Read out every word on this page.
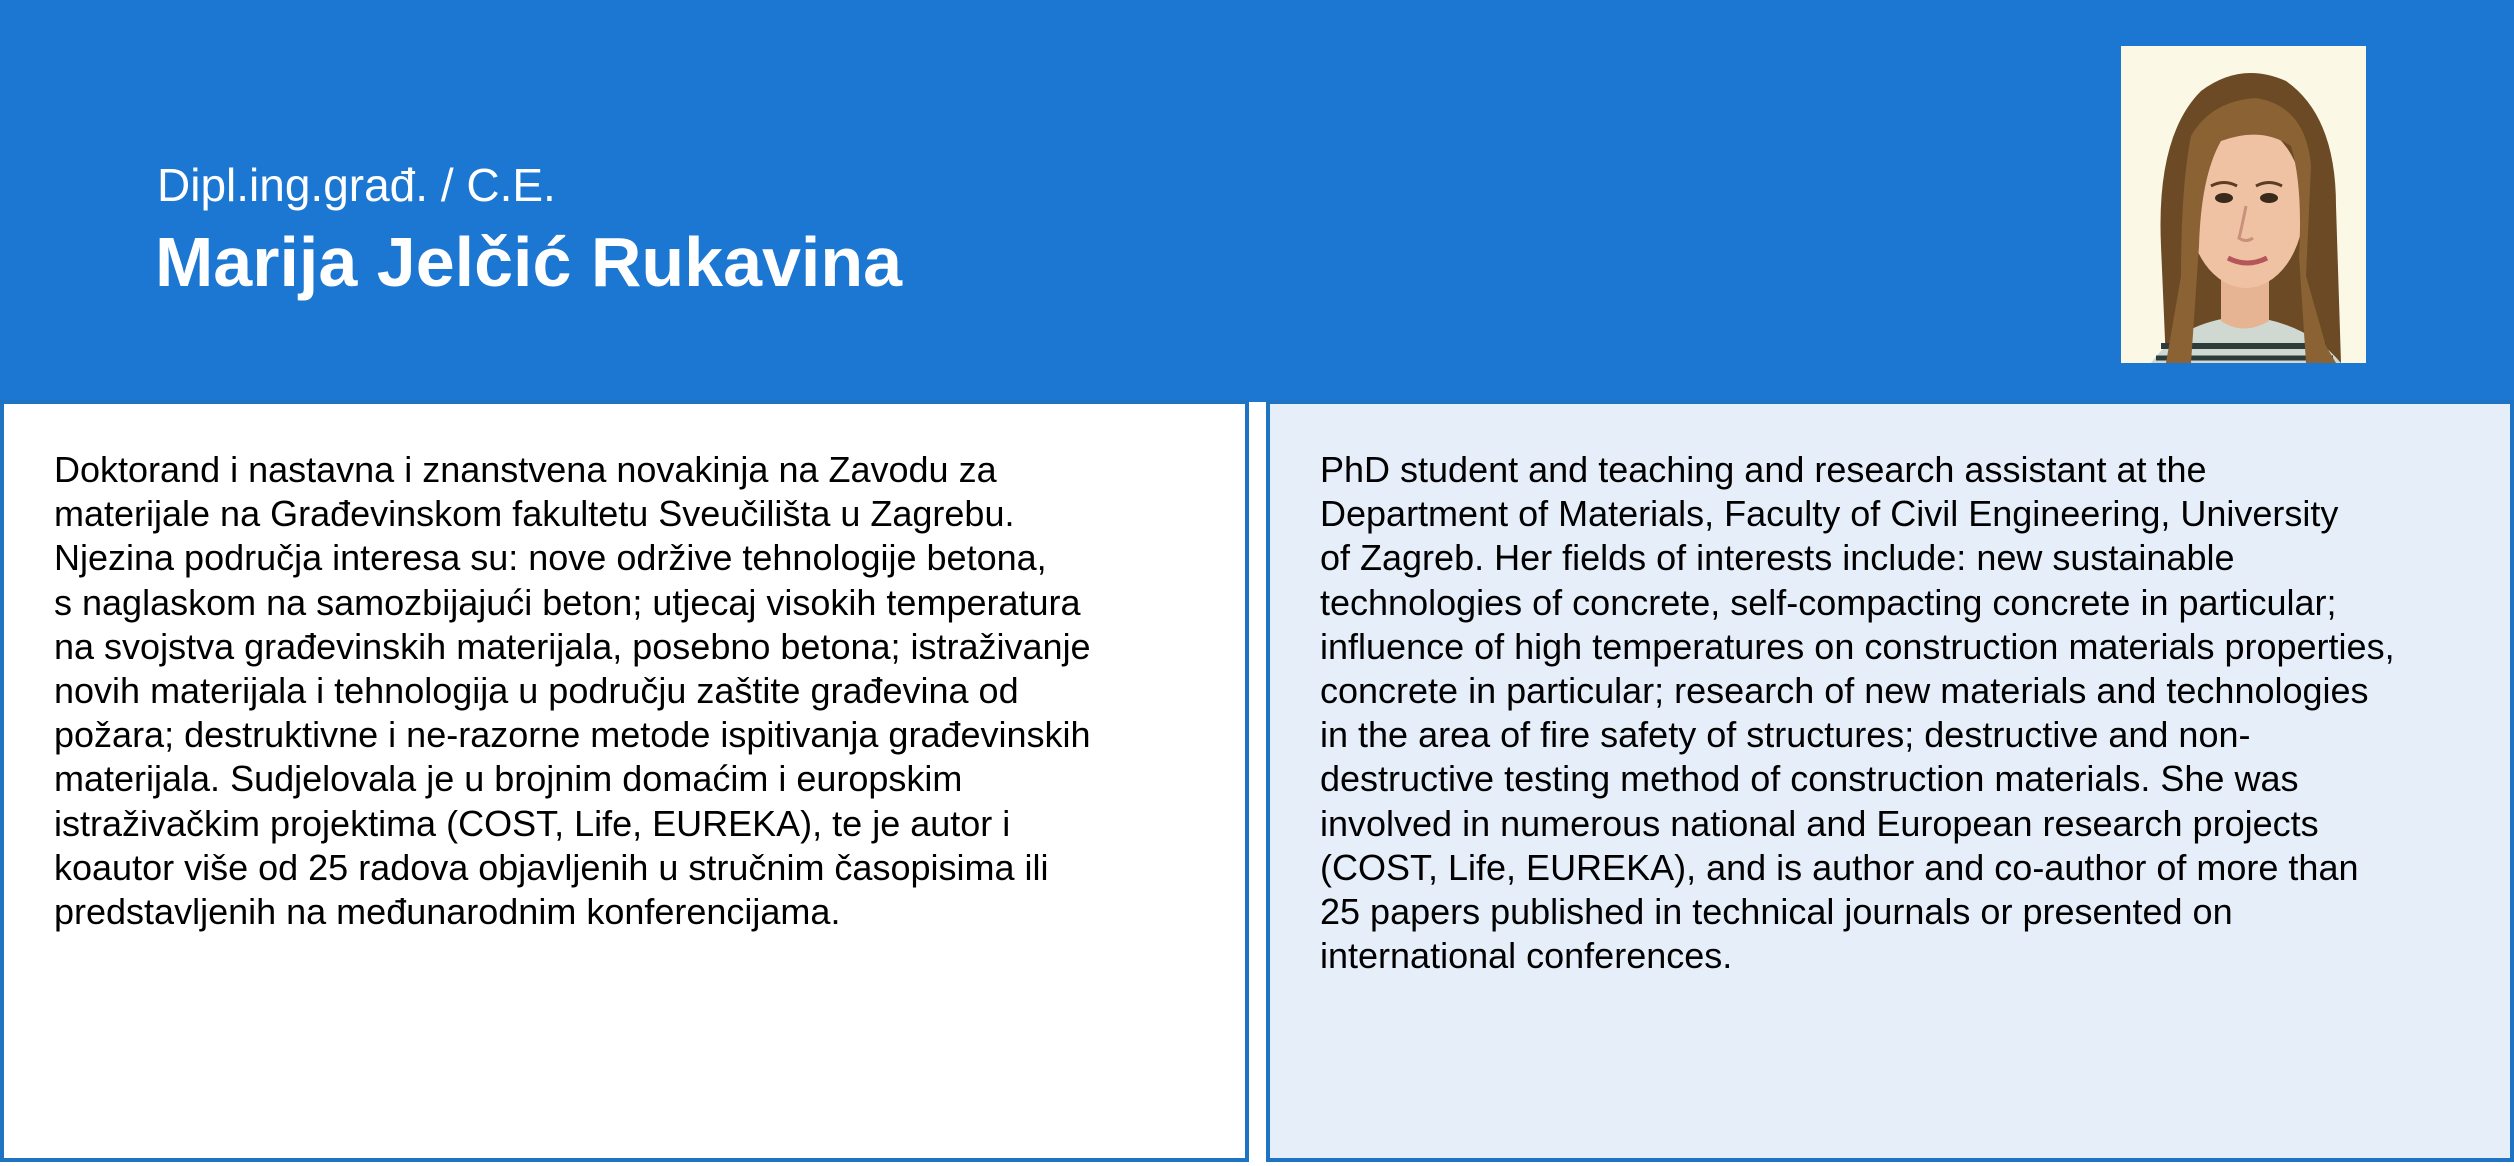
Dipl.ing.građ. / C.E.
Marija Jelčić Rukavina

Doktorand i nastavna i znanstvena novakinja na Zavodu za
materijale na Građevinskom fakultetu Sveučilišta u Zagrebu.
Njezina područja interesa su: nove održive tehnologije betona,
s naglaskom na samozbijajući beton; utjecaj visokih temperatura
na svojstva građevinskih materijala, posebno betona; istraživanje
novih materijala i tehnologija u području zaštite građevina od
požara; destruktivne i ne-razorne metode ispitivanja građevinskih
materijala. Sudjelovala je u brojnim domaćim i europskim
istraživačkim projektima (COST, Life, EUREKA), te je autor i
koautor više od 25 radova objavljenih u stručnim časopisima ili
predstavljenih na međunarodnim konferencijama.

PhD student and teaching and research assistant at the
Department of Materials, Faculty of Civil Engineering, University
of Zagreb. Her fields of interests include: new sustainable
technologies of concrete, self-compacting concrete in particular;
influence of high temperatures on construction materials properties,
concrete in particular; research of new materials and technologies
in the area of fire safety of structures; destructive and non-
destructive testing method of construction materials. She was
involved in numerous national and European research projects
(COST, Life, EUREKA), and is author and co-author of more than
25 papers published in technical journals or presented on
international conferences.
